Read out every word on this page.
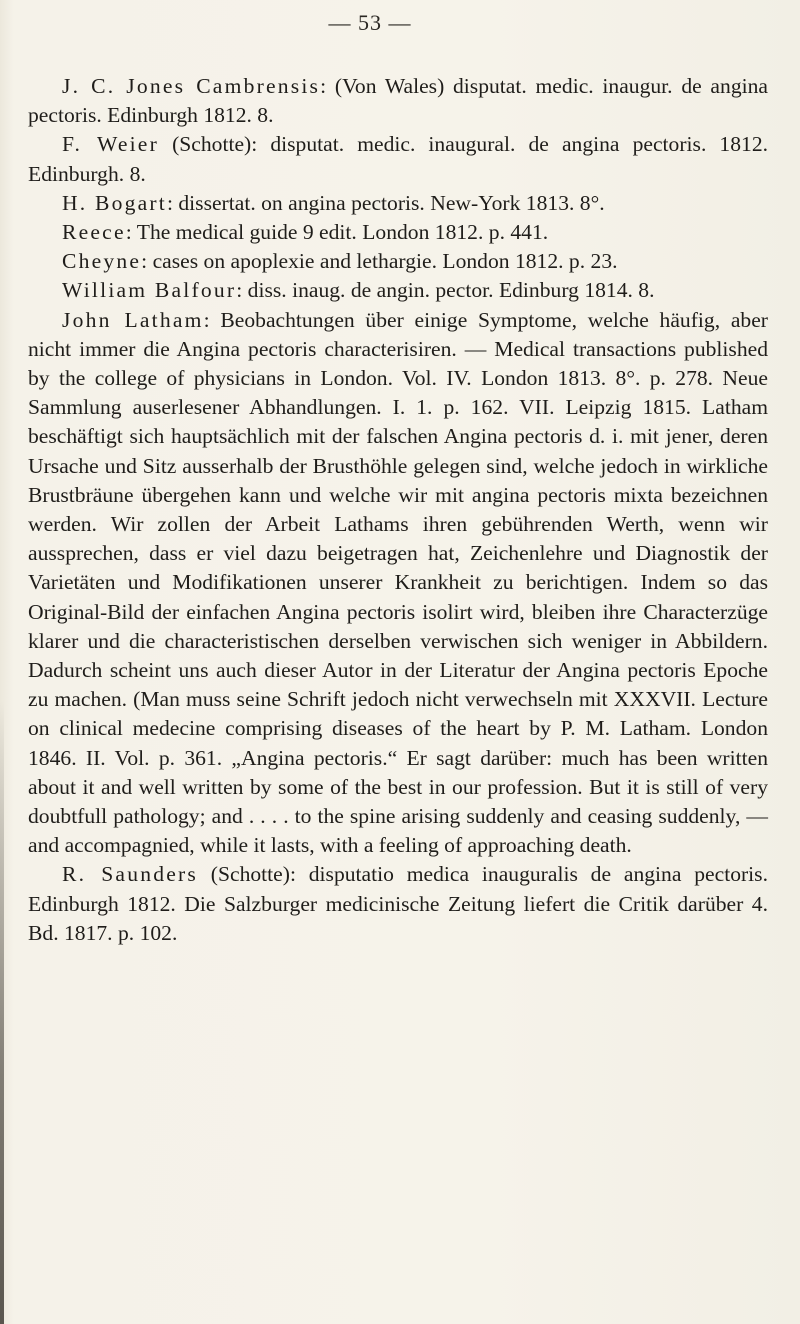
— 53 —

J. C. Jones Cambrensis: (Von Wales) disputat. medic. inaugur. de angina pectoris. Edinburgh 1812. 8.

F. Weier (Schotte): disputat. medic. inaugural. de angina pectoris. 1812. Edinburgh. 8.

H. Bogart: dissertat. on angina pectoris. New-York 1813. 8°.

Reece: The medical guide 9 edit. London 1812. p. 441.

Cheyne: cases on apoplexie and lethargie. London 1812. p. 23.

William Balfour: diss. inaug. de angin. pector. Edinburg 1814. 8.

John Latham: Beobachtungen über einige Symptome, welche häufig, aber nicht immer die Angina pectoris characterisiren. — Medical transactions published by the college of physicians in London. Vol. IV. London 1813. 8°. p. 278. Neue Sammlung auserlesener Abhandlungen. I. 1. p. 162. VII. Leipzig 1815. Latham beschäftigt sich hauptsächlich mit der falschen Angina pectoris d. i. mit jener, deren Ursache und Sitz ausserhalb der Brusthöhle gelegen sind, welche jedoch in wirkliche Brustbräune übergehen kann und welche wir mit angina pectoris mixta bezeichnen werden. Wir zollen der Arbeit Lathams ihren gebührenden Werth, wenn wir aussprechen, dass er viel dazu beigetragen hat, Zeichenlehre und Diagnostik der Varietäten und Modifikationen unserer Krankheit zu berichtigen. Indem so das Original-Bild der einfachen Angina pectoris isolirt wird, bleiben ihre Characterzüge klarer und die characteristischen derselben verwischen sich weniger in Abbildern. Dadurch scheint uns auch dieser Autor in der Literatur der Angina pectoris Epoche zu machen. (Man muss seine Schrift jedoch nicht verwechseln mit XXXVII. Lecture on clinical medecine comprising diseases of the heart by P. M. Latham. London 1846. II. Vol. p. 361. „Angina pectoris.“ Er sagt darüber: much has been written about it and well written by some of the best in our profession. But it is still of very doubtfull pathology; and . . . . to the spine arising suddenly and ceasing suddenly, — and accompagnied, while it lasts, with a feeling of approaching death.

R. Saunders (Schotte): disputatio medica inauguralis de angina pectoris. Edinburgh 1812. Die Salzburger medicinische Zeitung liefert die Critik darüber 4. Bd. 1817. p. 102.
